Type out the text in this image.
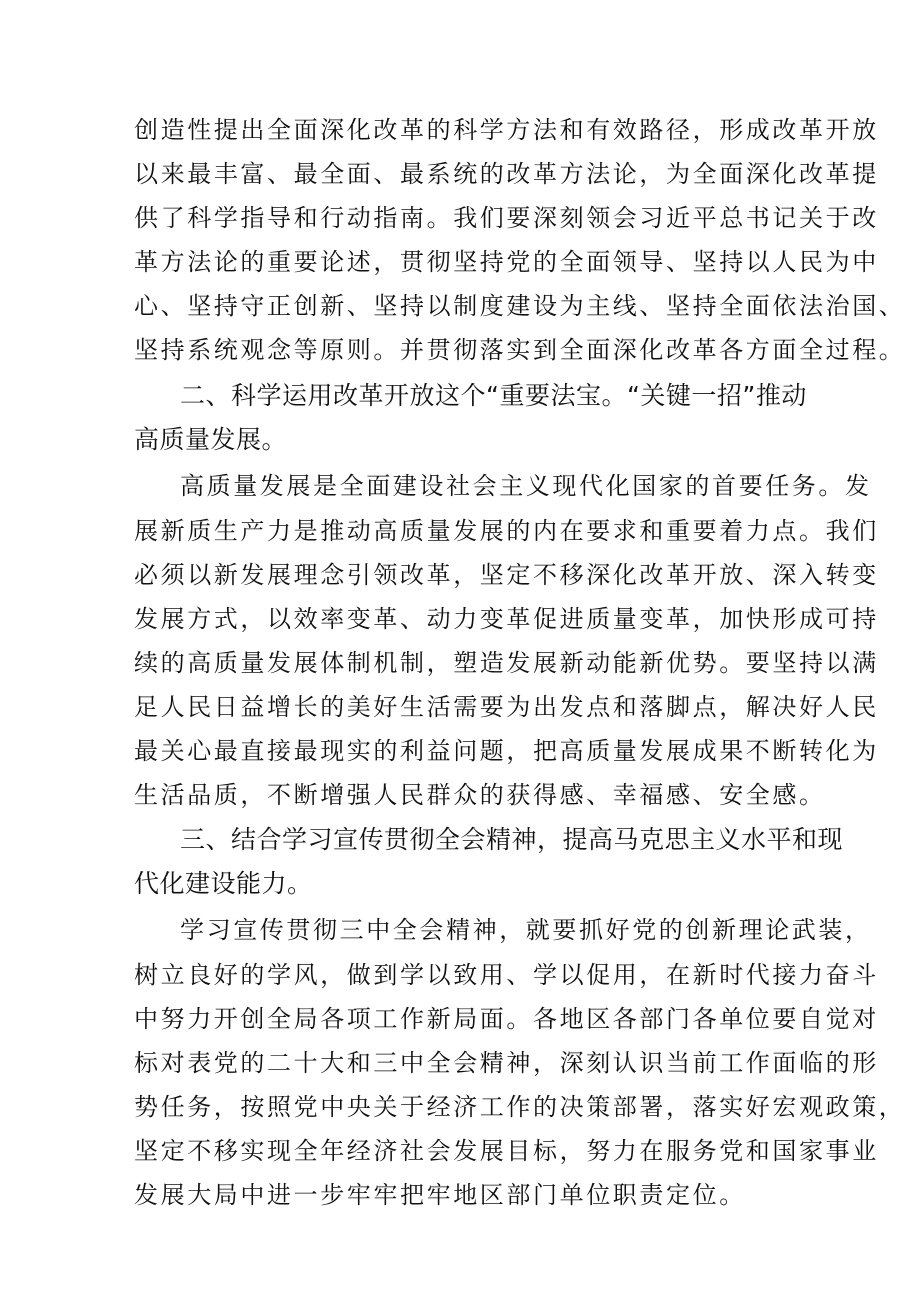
创造性提出全面深化改革的科学方法和有效路径，形成改革开放
以来最丰富、最全面、最系统的改革方法论，为全面深化改革提
供了科学指导和行动指南。我们要深刻领会习近平总书记关于改
革方法论的重要论述，贯彻坚持党的全面领导、坚持以人民为中
心、坚持守正创新、坚持以制度建设为主线、坚持全面依法治国、
坚持系统观念等原则。并贯彻落实到全面深化改革各方面全过程。
二、科学运用改革开放这个“重要法宝。“关键一招”推动
高质量发展。
高质量发展是全面建设社会主义现代化国家的首要任务。发
展新质生产力是推动高质量发展的内在要求和重要着力点。我们
必须以新发展理念引领改革，坚定不移深化改革开放、深入转变
发展方式，以效率变革、动力变革促进质量变革，加快形成可持
续的高质量发展体制机制，塑造发展新动能新优势。要坚持以满
足人民日益增长的美好生活需要为出发点和落脚点，解决好人民
最关心最直接最现实的利益问题，把高质量发展成果不断转化为
生活品质，不断增强人民群众的获得感、幸福感、安全感。
三、结合学习宣传贯彻全会精神，提高马克思主义水平和现
代化建设能力。
学习宣传贯彻三中全会精神，就要抓好党的创新理论武装，
树立良好的学风，做到学以致用、学以促用，在新时代接力奋斗
中努力开创全局各项工作新局面。各地区各部门各单位要自觉对
标对表党的二十大和三中全会精神，深刻认识当前工作面临的形
势任务，按照党中央关于经济工作的决策部署，落实好宏观政策，
坚定不移实现全年经济社会发展目标，努力在服务党和国家事业
发展大局中进一步牢牢把牢地区部门单位职责定位。
